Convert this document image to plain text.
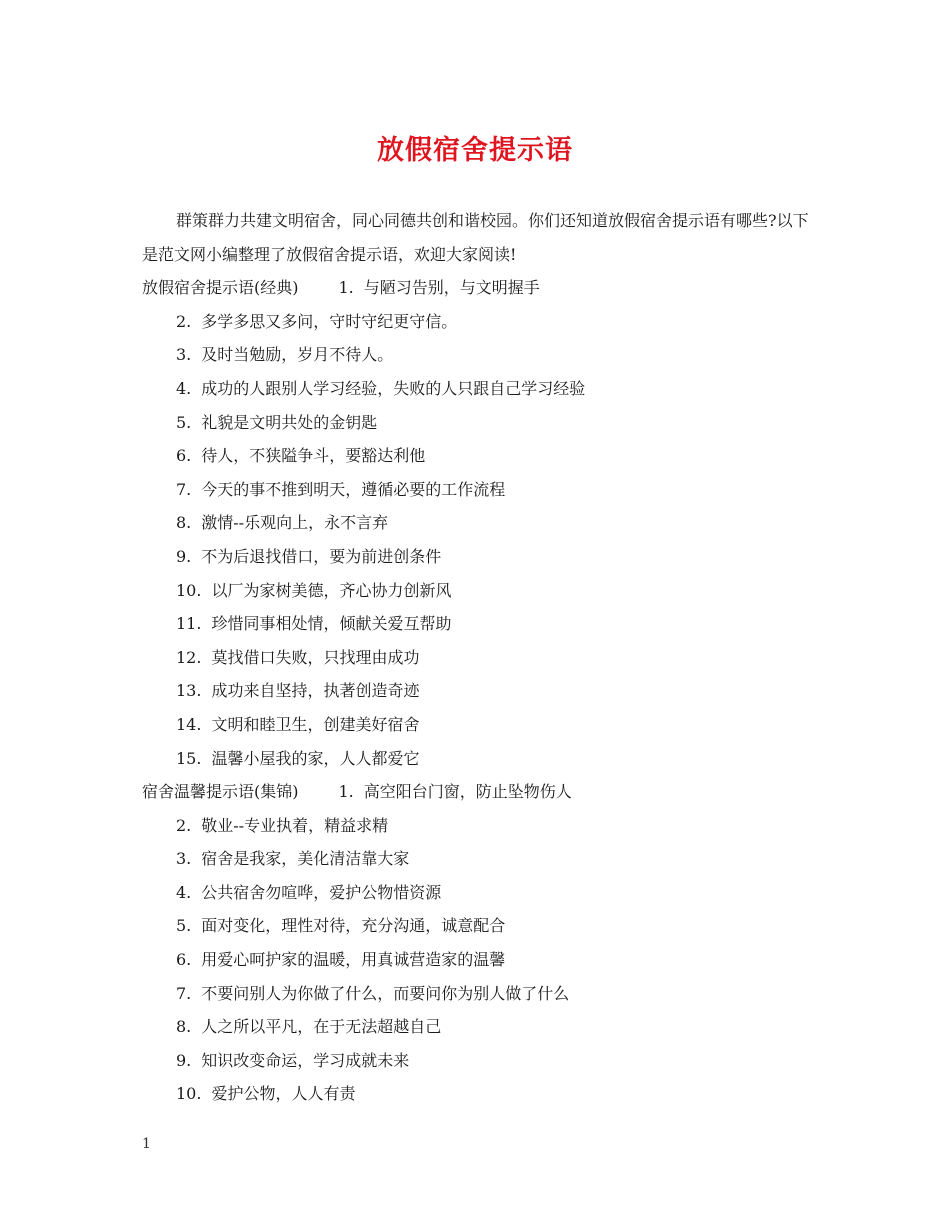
放假宿舍提示语

群策群力共建文明宿舍，同心同德共创和谐校园。你们还知道放假宿舍提示语有哪些?以下是范文网小编整理了放假宿舍提示语，欢迎大家阅读!

放假宿舍提示语(经典)	1. 与陋习告别，与文明握手

2. 多学多思又多问，守时守纪更守信。

3. 及时当勉励，岁月不待人。

4. 成功的人跟别人学习经验，失败的人只跟自己学习经验

5. 礼貌是文明共处的金钥匙

6. 待人，不狭隘争斗，要豁达利他

7. 今天的事不推到明天，遵循必要的工作流程

8. 激情--乐观向上，永不言弃

9. 不为后退找借口，要为前进创条件

10. 以厂为家树美德，齐心协力创新风

11. 珍惜同事相处情，倾献关爱互帮助

12. 莫找借口失败，只找理由成功

13. 成功来自坚持，执著创造奇迹

14. 文明和睦卫生，创建美好宿舍

15. 温馨小屋我的家，人人都爱它

宿舍温馨提示语(集锦)	1. 高空阳台门窗，防止坠物伤人

2. 敬业--专业执着，精益求精

3. 宿舍是我家，美化清洁靠大家

4. 公共宿舍勿喧哗，爱护公物惜资源

5. 面对变化，理性对待，充分沟通，诚意配合

6. 用爱心呵护家的温暖，用真诚营造家的温馨

7. 不要问别人为你做了什么，而要问你为别人做了什么

8. 人之所以平凡，在于无法超越自己

9. 知识改变命运，学习成就未来

10. 爱护公物，人人有责

1
